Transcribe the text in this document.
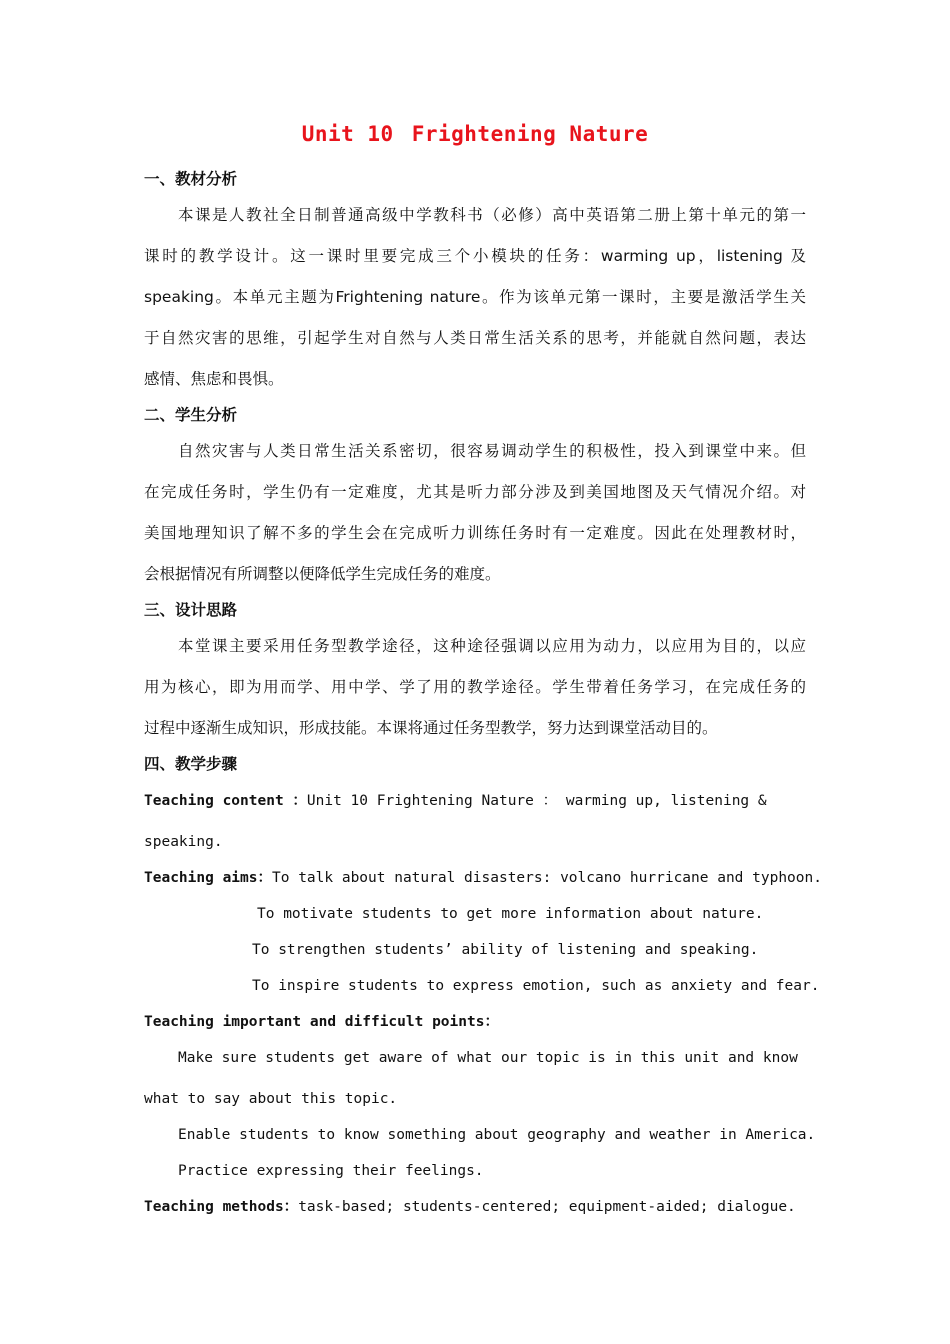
Unit 10 Frightening Nature
一、教材分析
本课是人教社全日制普通高级中学教科书（必修）高中英语第二册上第十单元的第一
课时的教学设计。这一课时里要完成三个小模块的任务：warming up，listening 及
speaking。本单元主题为Frightening nature。作为该单元第一课时，主要是激活学生关
于自然灾害的思维，引起学生对自然与人类日常生活关系的思考，并能就自然问题，表达
感情、焦虑和畏惧。
二、学生分析
自然灾害与人类日常生活关系密切，很容易调动学生的积极性，投入到课堂中来。但
在完成任务时，学生仍有一定难度，尤其是听力部分涉及到美国地图及天气情况介绍。对
美国地理知识了解不多的学生会在完成听力训练任务时有一定难度。因此在处理教材时，
会根据情况有所调整以便降低学生完成任务的难度。
三、设计思路
本堂课主要采用任务型教学途径，这种途径强调以应用为动力，以应用为目的，以应
用为核心，即为用而学、用中学、学了用的教学途径。学生带着任务学习，在完成任务的
过程中逐渐生成知识，形成技能。本课将通过任务型教学，努力达到课堂活动目的。
四、教学步骤
Teaching content ：Unit 10 Frightening Nature ： warming up, listening &
speaking.
Teaching aims：To talk about natural disasters: volcano hurricane and typhoon.
To motivate students to get more information about nature.
To strengthen students’ ability of listening and speaking.
To inspire students to express emotion, such as anxiety and fear.
Teaching important and difficult points：
Make sure students get aware of what our topic is in this unit and know
what to say about this topic.
Enable students to know something about geography and weather in America.
Practice expressing their feelings.
Teaching methods：task-based; students-centered; equipment-aided; dialogue.
